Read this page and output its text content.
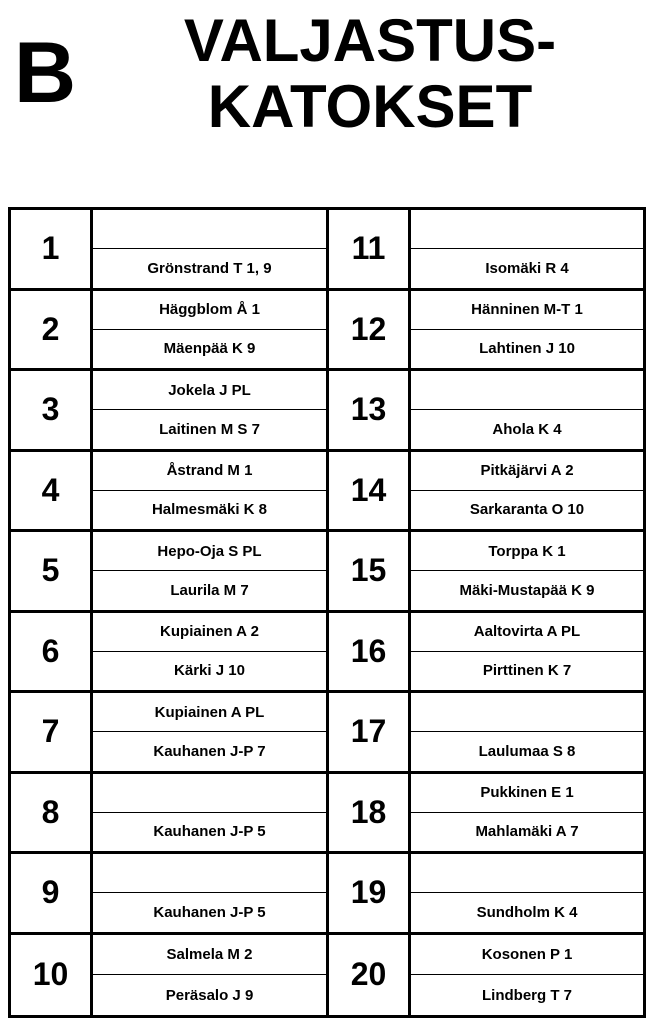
B	VALJASTUS-
KATOKSET
1
Grönstrand T 1, 9
11
Isomäki R 4
2
Häggblom Å 1
Mäenpää K 9
12
Hänninen M-T 1
Lahtinen J 10
3
Jokela J PL
Laitinen M S 7
13
Ahola K 4
4
Åstrand M 1
Halmesmäki K 8
14
Pitkäjärvi A 2
Sarkaranta O 10
5
Hepo-Oja S PL
Laurila M 7
15
Torppa K 1
Mäki-Mustapää K 9
6
Kupiainen A 2
Kärki J 10
16
Aaltovirta A PL
Pirttinen K 7
7
Kupiainen A PL
Kauhanen J-P 7
17
Laulumaa S 8
8
Kauhanen J-P 5
18
Pukkinen E 1
Mahlamäki A 7
9
Kauhanen J-P 5
19
Sundholm K 4
10
Salmela M 2
Peräsalo J 9
20
Kosonen P 1
Lindberg T 7
